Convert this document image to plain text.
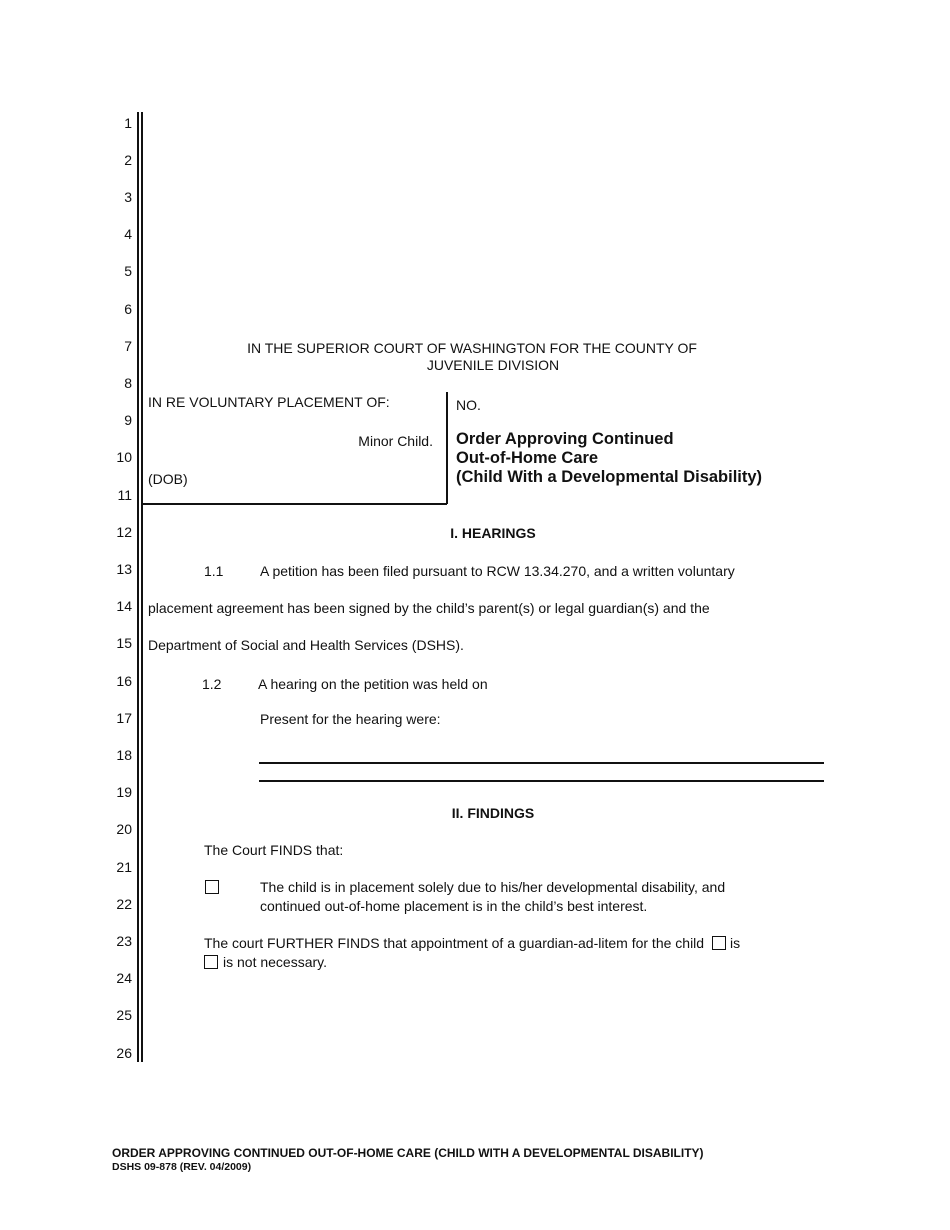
1
2
3
4
5
6
7
8
9
10
11
12
13
14
15
16
17
18
19
20
21
22
23
24
25
26
IN THE SUPERIOR COURT OF WASHINGTON FOR THE COUNTY OF
JUVENILE DIVISION
IN RE VOLUNTARY PLACEMENT OF:
Minor Child.
(DOB)
NO.
Order Approving Continued
Out-of-Home Care
(Child With a Developmental Disability)
I. HEARINGS
1.1	A petition has been filed pursuant to RCW 13.34.270, and a written voluntary
placement agreement has been signed by the child’s parent(s) or legal guardian(s) and the
Department of Social and Health Services (DSHS).
1.2	A hearing on the petition was held on
Present for the hearing were:
II. FINDINGS
The Court FINDS that:
The child is in placement solely due to his/her developmental disability, and
continued out-of-home placement is in the child’s best interest.
The court FURTHER FINDS that appointment of a guardian-ad-litem for the child is
is not necessary.
ORDER APPROVING CONTINUED OUT-OF-HOME CARE (CHILD WITH A DEVELOPMENTAL DISABILITY)
DSHS 09-878 (REV. 04/2009)
